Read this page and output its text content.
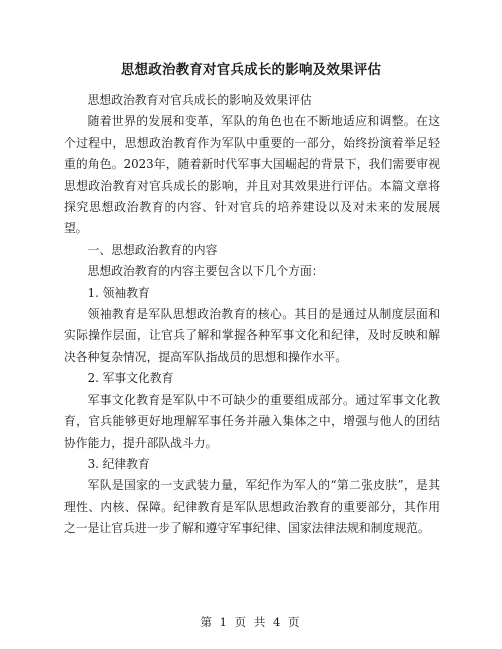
思想政治教育对官兵成长的影响及效果评估

思想政治教育对官兵成长的影响及效果评估

随着世界的发展和变革，军队的角色也在不断地适应和调整。在这个过程中，思想政治教育作为军队中重要的一部分，始终扮演着举足轻重的角色。2023年，随着新时代军事大国崛起的背景下，我们需要审视思想政治教育对官兵成长的影响，并且对其效果进行评估。本篇文章将探究思想政治教育的内容、针对官兵的培养建设以及对未来的发展展望。

一、思想政治教育的内容

思想政治教育的内容主要包含以下几个方面：

1. 领袖教育

领袖教育是军队思想政治教育的核心。其目的是通过从制度层面和实际操作层面，让官兵了解和掌握各种军事文化和纪律，及时反映和解决各种复杂情况，提高军队指战员的思想和操作水平。

2. 军事文化教育

军事文化教育是军队中不可缺少的重要组成部分。通过军事文化教育，官兵能够更好地理解军事任务并融入集体之中，增强与他人的团结协作能力，提升部队战斗力。

3. 纪律教育

军队是国家的一支武装力量，军纪作为军人的“第二张皮肤”，是其理性、内核、保障。纪律教育是军队思想政治教育的重要部分，其作用之一是让官兵进一步了解和遵守军事纪律、国家法律法规和制度规范。

第 1 页 共 4 页
